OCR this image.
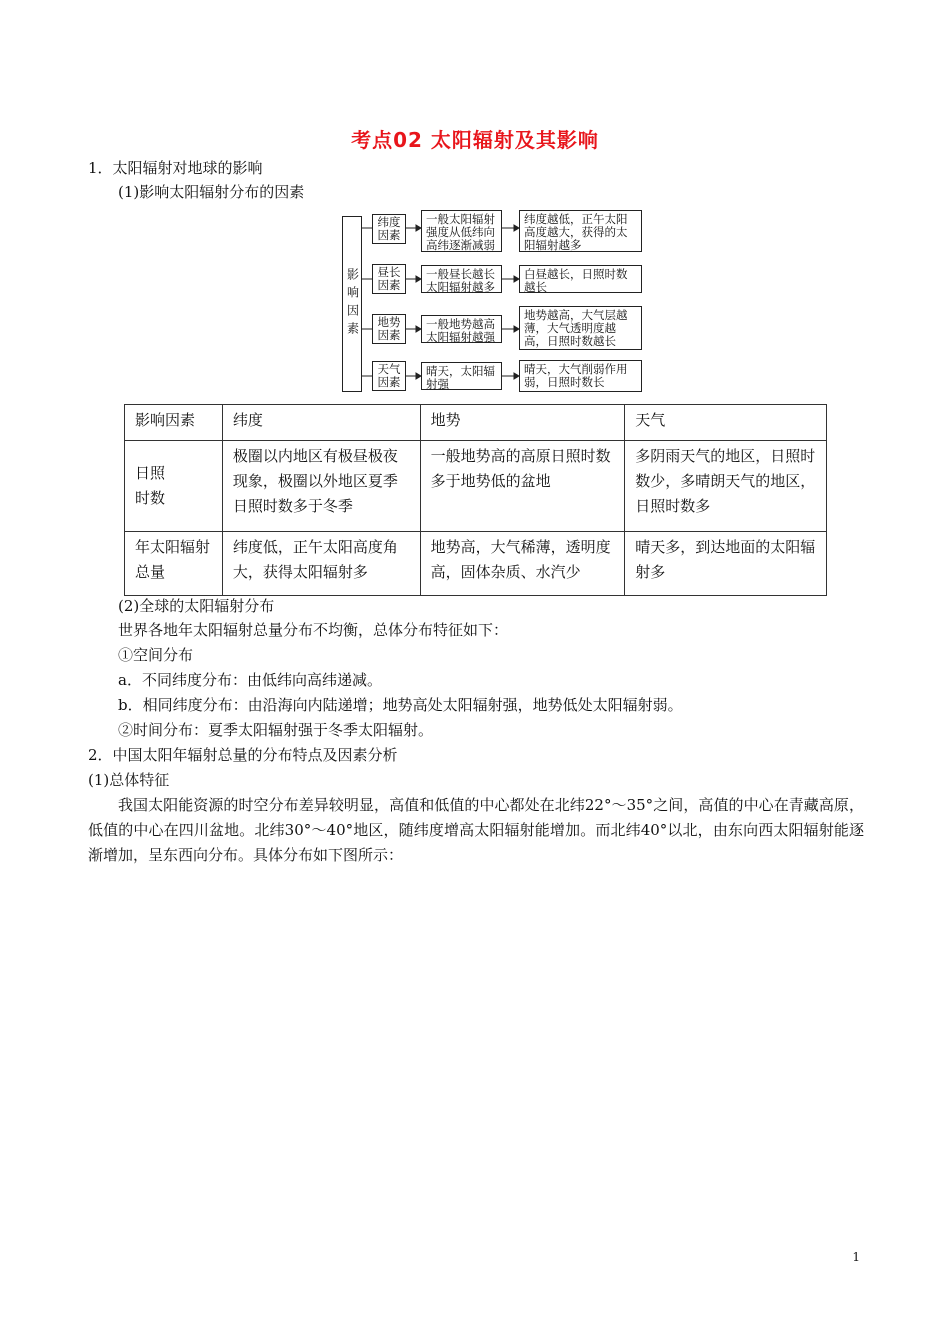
考点02 太阳辐射及其影响
1．太阳辐射对地球的影响
(1)影响太阳辐射分布的因素
影响因素
纬度因素
一般太阳辐射强度从低纬向高纬逐渐减弱
纬度越低，正午太阳高度越大，获得的太阳辐射越多
昼长因素
一般昼长越长太阳辐射越多
白昼越长，日照时数越长
地势因素
一般地势越高太阳辐射越强
地势越高，大气层越薄，大气透明度越高，日照时数越长
天气因素
晴天，太阳辐射强
晴天，大气削弱作用弱，日照时数长
影响因素	纬度	地势	天气
日照
时数	极圈以内地区有极昼极夜现象，极圈以外地区夏季日照时数多于冬季	一般地势高的高原日照时数多于地势低的盆地	多阴雨天气的地区，日照时数少，多晴朗天气的地区，日照时数多
年太阳辐射总量	纬度低，正午太阳高度角大，获得太阳辐射多	地势高，大气稀薄，透明度高，固体杂质、水汽少	晴天多，到达地面的太阳辐射多
(2)全球的太阳辐射分布
世界各地年太阳辐射总量分布不均衡，总体分布特征如下：
①空间分布
a．不同纬度分布：由低纬向高纬递减。
b．相同纬度分布：由沿海向内陆递增；地势高处太阳辐射强，地势低处太阳辐射弱。
②时间分布：夏季太阳辐射强于冬季太阳辐射。
2．中国太阳年辐射总量的分布特点及因素分析
(1)总体特征
我国太阳能资源的时空分布差异较明显，高值和低值的中心都处在北纬22°～35°之间，高值的中心在青藏高原，低值的中心在四川盆地。北纬30°～40°地区，随纬度增高太阳辐射能增加。而北纬40°以北，由东向西太阳辐射能逐渐增加，呈东西向分布。具体分布如下图所示：
1
